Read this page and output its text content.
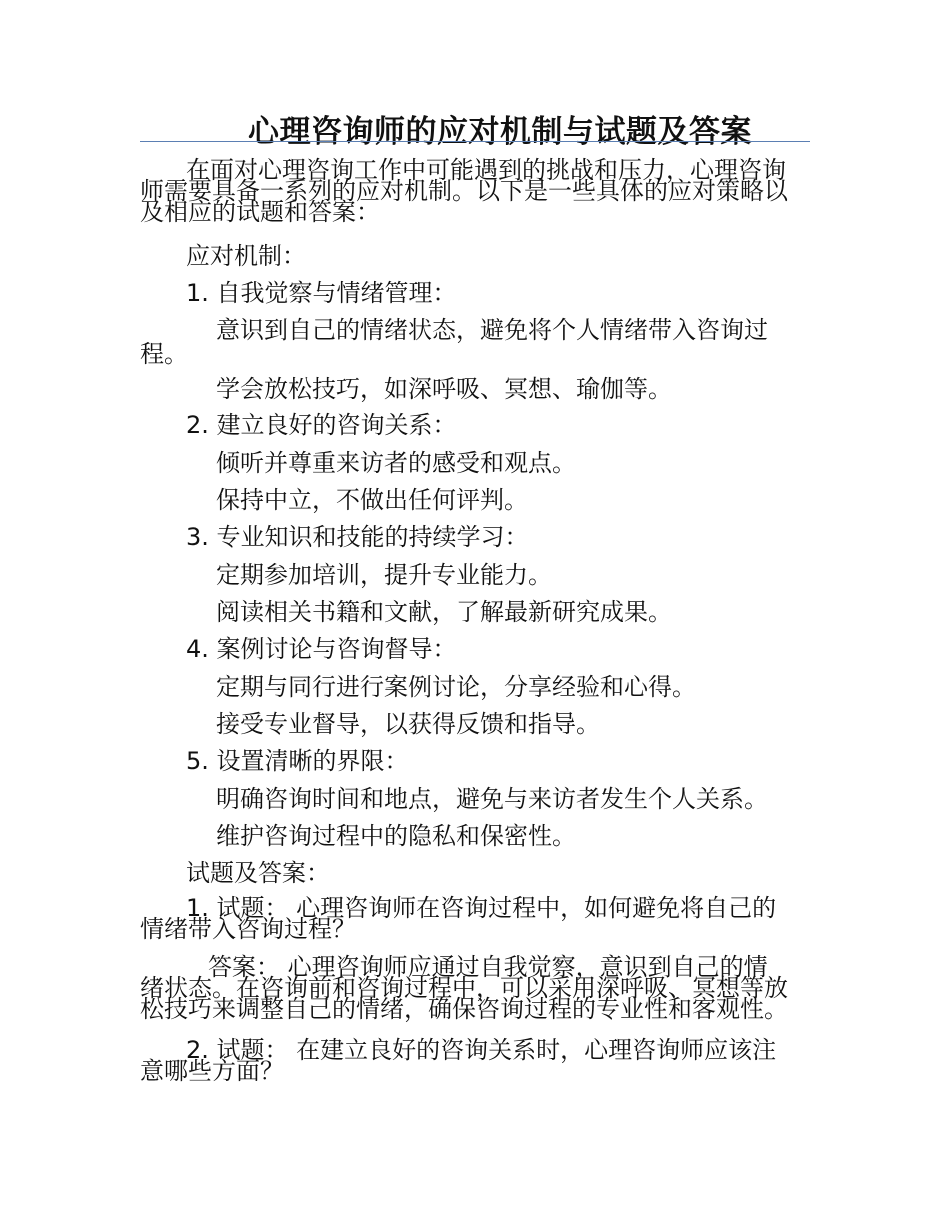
心理咨询师的应对机制与试题及答案

在面对心理咨询工作中可能遇到的挑战和压力，心理咨询
师需要具备一系列的应对机制。以下是一些具体的应对策略以
及相应的试题和答案：

应对机制：

1. 自我觉察与情绪管理：

意识到自己的情绪状态，避免将个人情绪带入咨询过
程。

学会放松技巧，如深呼吸、冥想、瑜伽等。

2. 建立良好的咨询关系：

倾听并尊重来访者的感受和观点。

保持中立，不做出任何评判。

3. 专业知识和技能的持续学习：

定期参加培训，提升专业能力。

阅读相关书籍和文献，了解最新研究成果。

4. 案例讨论与咨询督导：

定期与同行进行案例讨论，分享经验和心得。

接受专业督导，以获得反馈和指导。

5. 设置清晰的界限：

明确咨询时间和地点，避免与来访者发生个人关系。

维护咨询过程中的隐私和保密性。

试题及答案：

1. 试题： 心理咨询师在咨询过程中，如何避免将自己的
情绪带入咨询过程？

答案： 心理咨询师应通过自我觉察，意识到自己的情
绪状态。在咨询前和咨询过程中，可以采用深呼吸、冥想等放
松技巧来调整自己的情绪，确保咨询过程的专业性和客观性。

2. 试题： 在建立良好的咨询关系时，心理咨询师应该注
意哪些方面？
